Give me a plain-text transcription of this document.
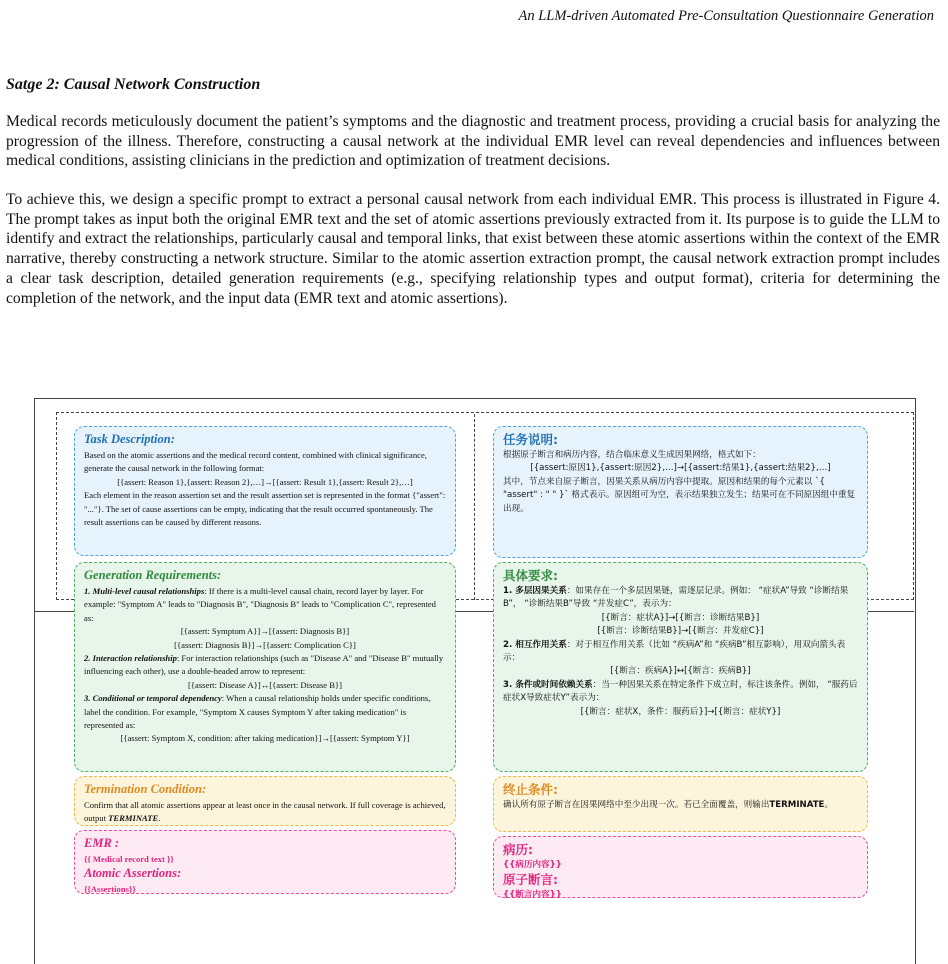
An LLM-driven Automated Pre-Consultation Questionnaire Generation
Satge 2: Causal Network Construction
Medical records meticulously document the patient’s symptoms and the diagnostic and treatment process, providing a crucial basis for analyzing the progression of the illness. Therefore, constructing a causal network at the individual EMR level can reveal dependencies and influences between medical conditions, assisting clinicians in the prediction and optimization of treatment decisions.
To achieve this, we design a specific prompt to extract a personal causal network from each individual EMR. This process is illustrated in Figure 4. The prompt takes as input both the original EMR text and the set of atomic assertions previously extracted from it. Its purpose is to guide the LLM to identify and extract the relationships, particularly causal and temporal links, that exist between these atomic assertions within the context of the EMR narrative, thereby constructing a network structure. Similar to the atomic assertion extraction prompt, the causal network extraction prompt includes a clear task description, detailed generation requirements (e.g., specifying relationship types and output format), criteria for determining the completion of the network, and the input data (EMR text and atomic assertions).
Task Description:
Based on the atomic assertions and the medical record content, combined with clinical significance, generate the causal network in the following format:
[{assert: Reason 1},{assert: Reason 2},…]→[{assert: Result 1},{assert: Result 2},…]
Each element in the reason assertion set and the result assertion set is represented in the format {"assert": "..."}. The set of cause assertions can be empty, indicating that the result occurred spontaneously. The result assertions can be caused by different reasons.
Generation Requirements:
1. Multi-level causal relationships: If there is a multi-level causal chain, record layer by layer. For example: "Symptom A" leads to "Diagnosis B", "Diagnosis B" leads to "Complication C", represented as:
[{assert: Symptom A}]→[{assert: Diagnosis B}]
[{assert: Diagnosis B}]→[{assert: Complication C}]
2. Interaction relationship: For interaction relationships (such as "Disease A" and "Disease B" mutually influencing each other), use a double-headed arrow to represent:
[{assert: Disease A}]↔[{assert: Disease B}]
3. Conditional or temporal dependency: When a causal relationship holds under specific conditions, label the condition. For example, "Symptom X causes Symptom Y after taking medication" is represented as:
[{assert: Symptom X, condition: after taking medication}]→[{assert: Symptom Y}]
Termination Condition:
Confirm that all atomic assertions appear at least once in the causal network. If full coverage is achieved, output TERMINATE.
EMR :
{{ Medical record text }}
Atomic Assertions:
{{Assertions}}
任务说明:
根据原子断言和病历内容，结合临床意义生成因果网络，格式如下：
[{assert:原因1},{assert:原因2},…]→[{assert:结果1},{assert:结果2},…]
其中，节点来自原子断言，因果关系从病历内容中提取。原因和结果的每个元素以 `{ "assert" : " " }` 格式表示。原因组可为空，表示结果独立发生；结果可在不同原因组中重复出现。
具体要求:
1. 多层因果关系：如果存在一个多层因果链，需逐层记录。例如： “症状A”导致 “诊断结果B”， “诊断结果B”导致 “并发症C”，表示为：
[{断言：症状A}]→[{断言：诊断结果B}]
[{断言：诊断结果B}]→[{断言：并发症C}]
2. 相互作用关系：对于相互作用关系（比如 “疾病A”和 “疾病B”相互影响），用双向箭头表示：
[{断言：疾病A}]↔[{断言：疾病B}]
3. 条件或时间依赖关系：当一种因果关系在特定条件下成立时，标注该条件。例如， “服药后症状X导致症状Y”表示为：
[{断言：症状X，条件：服药后}]→[{断言：症状Y}]
终止条件:
确认所有原子断言在因果网络中至少出现一次。若已全面覆盖，则输出TERMINATE。
病历:
{{病历内容}}
原子断言:
{{断言内容}}
